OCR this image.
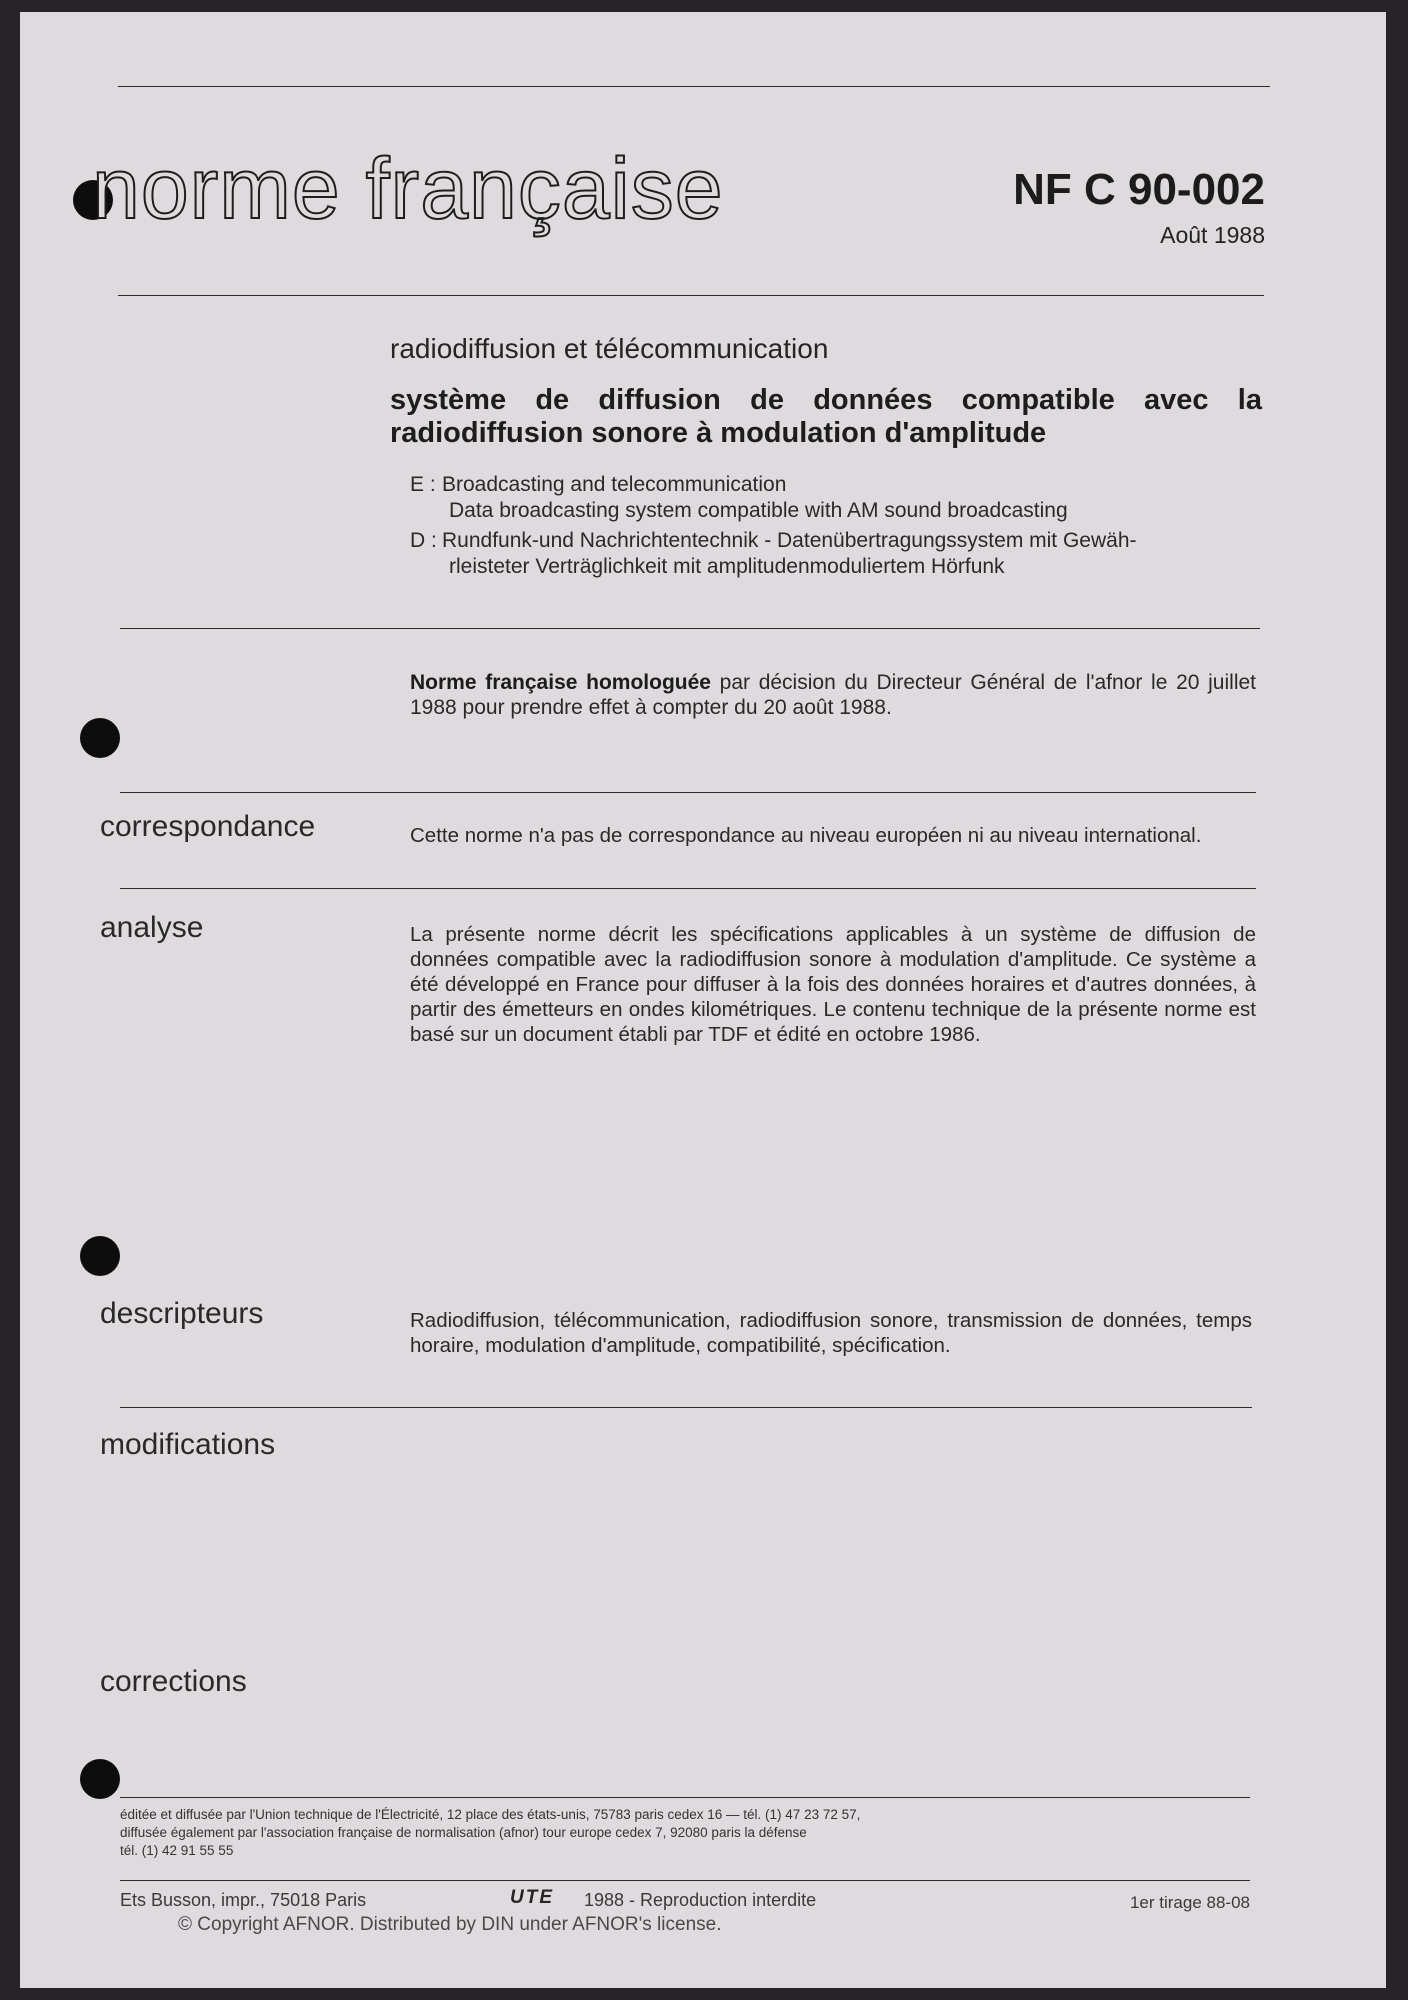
norme française	NF C 90-002
Août 1988
radiodiffusion et télécommunication
système de diffusion de données compatible avec la radiodiffusion sonore à modulation d'amplitude
E : Broadcasting and telecommunication
Data broadcasting system compatible with AM sound broadcasting
D : Rundfunk-und Nachrichtentechnik - Datenübertragungssystem mit Gewäh-
rleisteter Verträglichkeit mit amplitudenmoduliertem Hörfunk
Norme française homologuée par décision du Directeur Général de l'afnor le 20 juillet 1988 pour prendre effet à compter du 20 août 1988.
correspondance	Cette norme n'a pas de correspondance au niveau européen ni au niveau international.
analyse	La présente norme décrit les spécifications applicables à un système de diffusion de données compatible avec la radiodiffusion sonore à modulation d'amplitude. Ce système a été développé en France pour diffuser à la fois des données horaires et d'autres données, à partir des émetteurs en ondes kilométriques. Le contenu technique de la présente norme est basé sur un document établi par TDF et édité en octobre 1986.
descripteurs	Radiodiffusion, télécommunication, radiodiffusion sonore, transmission de données, temps horaire, modulation d'amplitude, compatibilité, spécification.
modifications
corrections
éditée et diffusée par l'Union technique de l'Électricité, 12 place des états-unis, 75783 paris cedex 16 — tél. (1) 47 23 72 57,
diffusée également par l'association française de normalisation (afnor) tour europe cedex 7, 92080 paris la défense
tél. (1) 42 91 55 55
Ets Busson, impr., 75018 Paris	UTE 1988 - Reproduction interdite	1er tirage 88-08
© Copyright AFNOR. Distributed by DIN under AFNOR's license.
